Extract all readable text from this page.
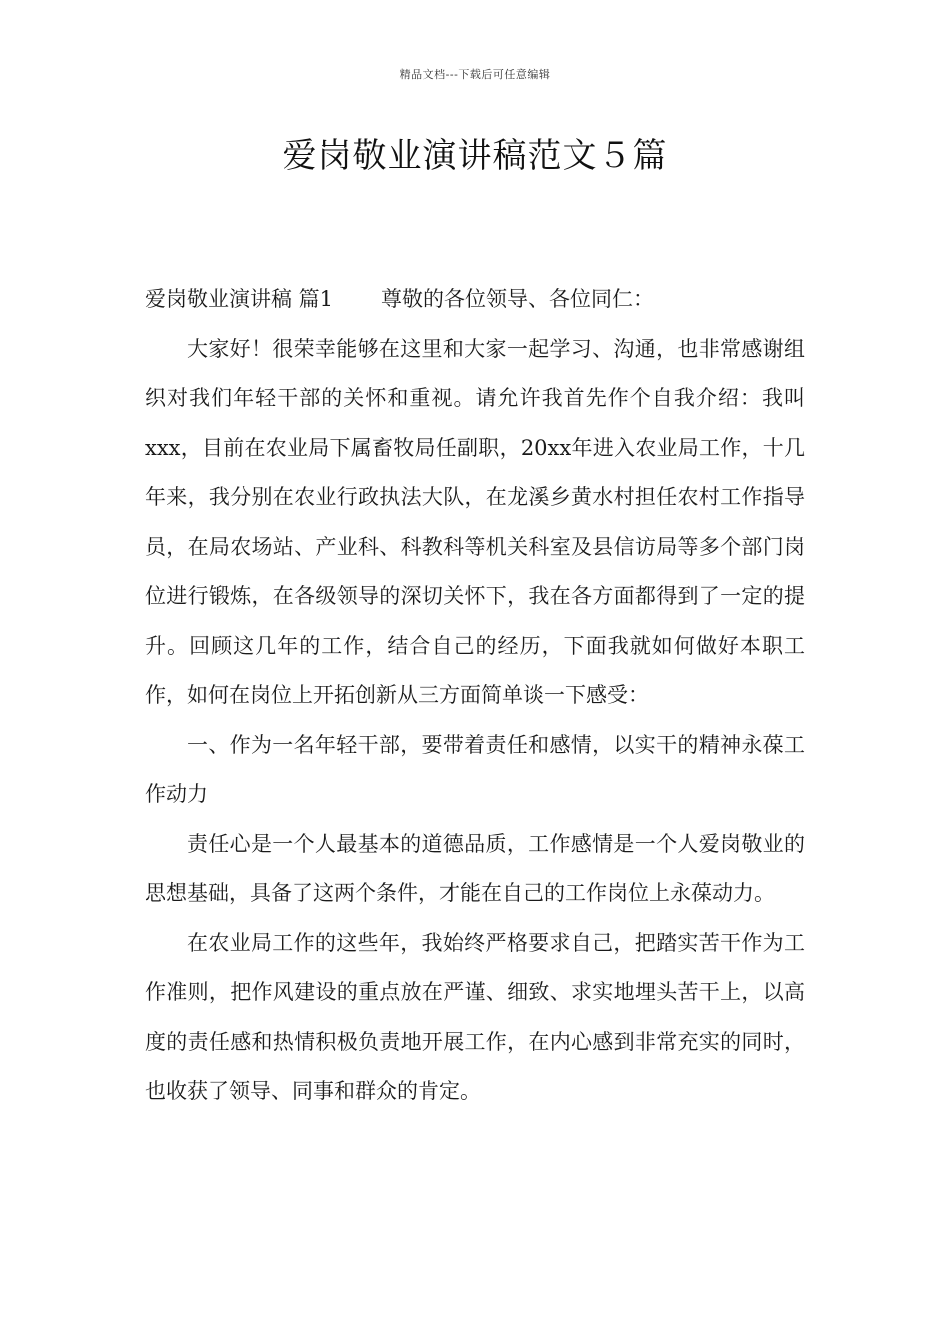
精品文档---下载后可任意编辑
爱岗敬业演讲稿范文５篇

爱岗敬业演讲稿 篇1 尊敬的各位领导、各位同仁：

大家好！很荣幸能够在这里和大家一起学习、沟通，也非常感谢组织对我们年轻干部的关怀和重视。请允许我首先作个自我介绍：我叫xxx，目前在农业局下属畜牧局任副职，20xx年进入农业局工作，十几年来，我分别在农业行政执法大队，在龙溪乡黄水村担任农村工作指导员，在局农场站、产业科、科教科等机关科室及县信访局等多个部门岗位进行锻炼，在各级领导的深切关怀下，我在各方面都得到了一定的提升。回顾这几年的工作，结合自己的经历，下面我就如何做好本职工作，如何在岗位上开拓创新从三方面简单谈一下感受：

一、作为一名年轻干部，要带着责任和感情，以实干的精神永葆工作动力

责任心是一个人最基本的道德品质，工作感情是一个人爱岗敬业的思想基础，具备了这两个条件，才能在自己的工作岗位上永葆动力。

在农业局工作的这些年，我始终严格要求自己，把踏实苦干作为工作准则，把作风建设的重点放在严谨、细致、求实地埋头苦干上，以高度的责任感和热情积极负责地开展工作，在内心感到非常充实的同时，也收获了领导、同事和群众的肯定。
